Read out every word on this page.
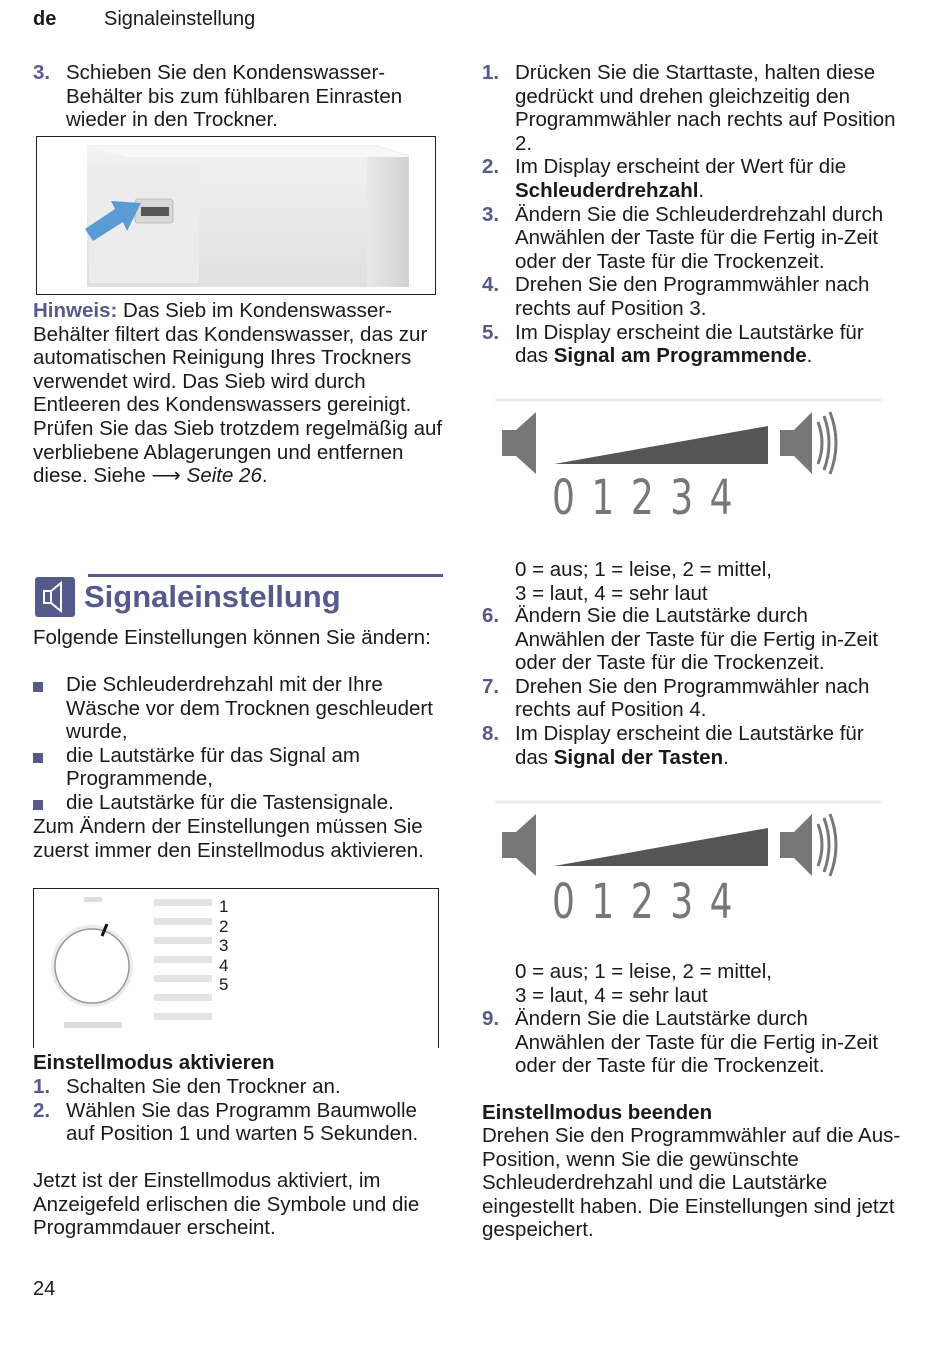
de Signaleinstellung
3. Schieben Sie den Kondenswasser-Behälter bis zum fühlbaren Einrasten wieder in den Trockner.
Hinweis: Das Sieb im Kondenswasser-Behälter filtert das Kondenswasser, das zur automatischen Reinigung Ihres Trockners verwendet wird. Das Sieb wird durch Entleeren des Kondenswassers gereinigt. Prüfen Sie das Sieb trotzdem regelmäßig auf verbliebene Ablagerungen und entfernen diese. Siehe ⟶ Seite 26.
Signaleinstellung
Folgende Einstellungen können Sie ändern:
Die Schleuderdrehzahl mit der Ihre Wäsche vor dem Trocknen geschleudert wurde,
die Lautstärke für das Signal am Programmende,
die Lautstärke für die Tastensignale.
Zum Ändern der Einstellungen müssen Sie zuerst immer den Einstellmodus aktivieren.
1
2
3
4
5
Einstellmodus aktivieren
1. Schalten Sie den Trockner an.
2. Wählen Sie das Programm Baumwolle auf Position 1 und warten 5 Sekunden.
Jetzt ist der Einstellmodus aktiviert, im Anzeigefeld erlischen die Symbole und die Programmdauer erscheint.
24
1. Drücken Sie die Starttaste, halten diese gedrückt und drehen gleichzeitig den Programmwähler nach rechts auf Position 2.
2. Im Display erscheint der Wert für die Schleuderdrehzahl.
3. Ändern Sie die Schleuderdrehzahl durch Anwählen der Taste für die Fertig in-Zeit oder der Taste für die Trockenzeit.
4. Drehen Sie den Programmwähler nach rechts auf Position 3.
5. Im Display erscheint die Lautstärke für das Signal am Programmende.
01234
0 = aus; 1 = leise, 2 = mittel,
3 = laut, 4 = sehr laut
6. Ändern Sie die Lautstärke durch Anwählen der Taste für die Fertig in-Zeit oder der Taste für die Trockenzeit.
7. Drehen Sie den Programmwähler nach rechts auf Position 4.
8. Im Display erscheint die Lautstärke für das Signal der Tasten.
01234
0 = aus; 1 = leise, 2 = mittel,
3 = laut, 4 = sehr laut
9. Ändern Sie die Lautstärke durch Anwählen der Taste für die Fertig in-Zeit oder der Taste für die Trockenzeit.
Einstellmodus beenden
Drehen Sie den Programmwähler auf die Aus-Position, wenn Sie die gewünschte Schleuderdrehzahl und die Lautstärke eingestellt haben. Die Einstellungen sind jetzt gespeichert.
